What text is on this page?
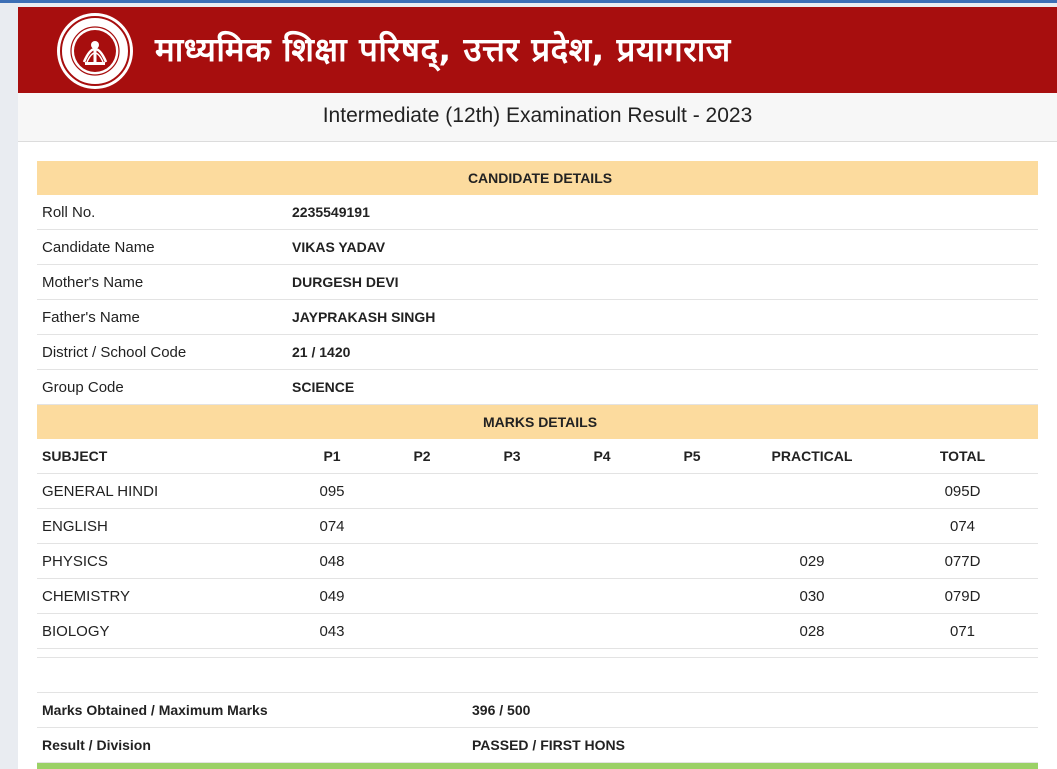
माध्यमिक शिक्षा परिषद्, उत्तर प्रदेश, प्रयागराज
Intermediate (12th) Examination Result - 2023
CANDIDATE DETAILS							
Roll No.	2235549191						
Candidate Name	VIKAS YADAV						
Mother's Name	DURGESH DEVI						
Father's Name	JAYPRAKASH SINGH						
District / School Code	21 / 1420						
Group Code	SCIENCE						
MARKS DETAILS							
SUBJECT	P1	P2	P3	P4	P5	PRACTICAL	TOTAL
GENERAL HINDI	095						095D
ENGLISH	074						074
PHYSICS	048					029	077D
CHEMISTRY	049					030	079D
BIOLOGY	043					028	071

Marks Obtained / Maximum Marks			396 / 500				
Result / Division			PASSED / FIRST HONS				
